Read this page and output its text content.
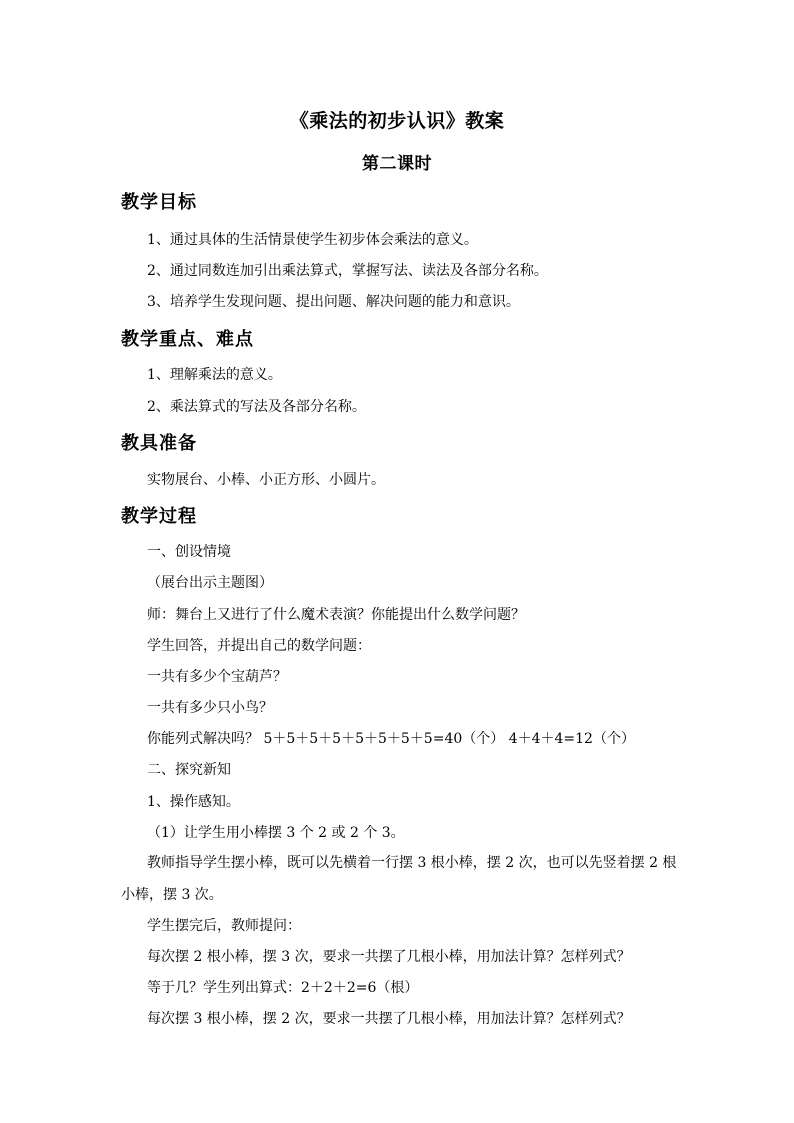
《乘法的初步认识》教案
第二课时
教学目标
1、通过具体的生活情景使学生初步体会乘法的意义。
2、通过同数连加引出乘法算式，掌握写法、读法及各部分名称。
3、培养学生发现问题、提出问题、解决问题的能力和意识。
教学重点、难点
1、理解乘法的意义。
2、乘法算式的写法及各部分名称。
教具准备
实物展台、小棒、小正方形、小圆片。
教学过程
一、创设情境
（展台出示主题图）
师：舞台上又进行了什么魔术表演？你能提出什么数学问题？
学生回答，并提出自己的数学问题：
一共有多少个宝葫芦？
一共有多少只小鸟？
你能列式解决吗？ 5＋5＋5＋5＋5＋5＋5＋5=40（个） 4＋4＋4=12（个）
二、探究新知
1、操作感知。
（1）让学生用小棒摆 3 个 2 或 2 个 3。
教师指导学生摆小棒，既可以先横着一行摆 3 根小棒，摆 2 次，也可以先竖着摆 2 根小棒，摆 3 次。
学生摆完后，教师提问：
每次摆 2 根小棒，摆 3 次，要求一共摆了几根小棒，用加法计算？怎样列式？
等于几？学生列出算式：2＋2＋2=6（根）
每次摆 3 根小棒，摆 2 次，要求一共摆了几根小棒，用加法计算？怎样列式？
